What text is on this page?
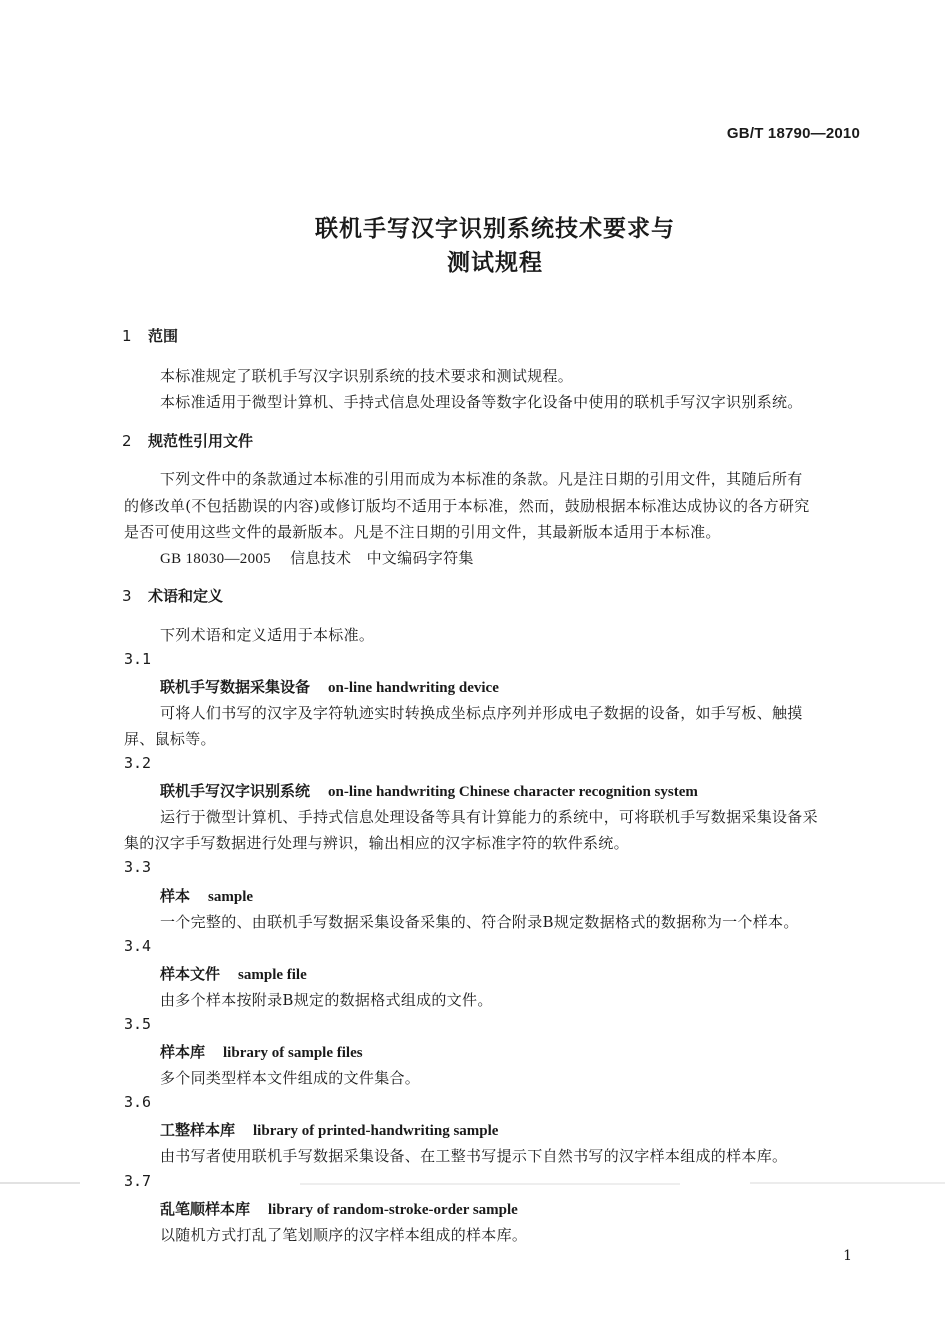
GB/T 18790—2010
联机手写汉字识别系统技术要求与
测试规程
1 范围
本标准规定了联机手写汉字识别系统的技术要求和测试规程。
本标准适用于微型计算机、手持式信息处理设备等数字化设备中使用的联机手写汉字识别系统。
2 规范性引用文件
下列文件中的条款通过本标准的引用而成为本标准的条款。凡是注日期的引用文件，其随后所有
的修改单(不包括勘误的内容)或修订版均不适用于本标准，然而，鼓励根据本标准达成协议的各方研究
是否可使用这些文件的最新版本。凡是不注日期的引用文件，其最新版本适用于本标准。
GB 18030—2005 信息技术　中文编码字符集
3 术语和定义
下列术语和定义适用于本标准。
3.1
联机手写数据采集设备 on-line handwriting device
可将人们书写的汉字及字符轨迹实时转换成坐标点序列并形成电子数据的设备，如手写板、触摸
屏、鼠标等。
3.2
联机手写汉字识别系统 on-line handwriting Chinese character recognition system
运行于微型计算机、手持式信息处理设备等具有计算能力的系统中，可将联机手写数据采集设备采
集的汉字手写数据进行处理与辨识，输出相应的汉字标准字符的软件系统。
3.3
样本 sample
一个完整的、由联机手写数据采集设备采集的、符合附录B规定数据格式的数据称为一个样本。
3.4
样本文件 sample file
由多个样本按附录B规定的数据格式组成的文件。
3.5
样本库 library of sample files
多个同类型样本文件组成的文件集合。
3.6
工整样本库 library of printed-handwriting sample
由书写者使用联机手写数据采集设备、在工整书写提示下自然书写的汉字样本组成的样本库。
3.7
乱笔顺样本库 library of random-stroke-order sample
以随机方式打乱了笔划顺序的汉字样本组成的样本库。
1
